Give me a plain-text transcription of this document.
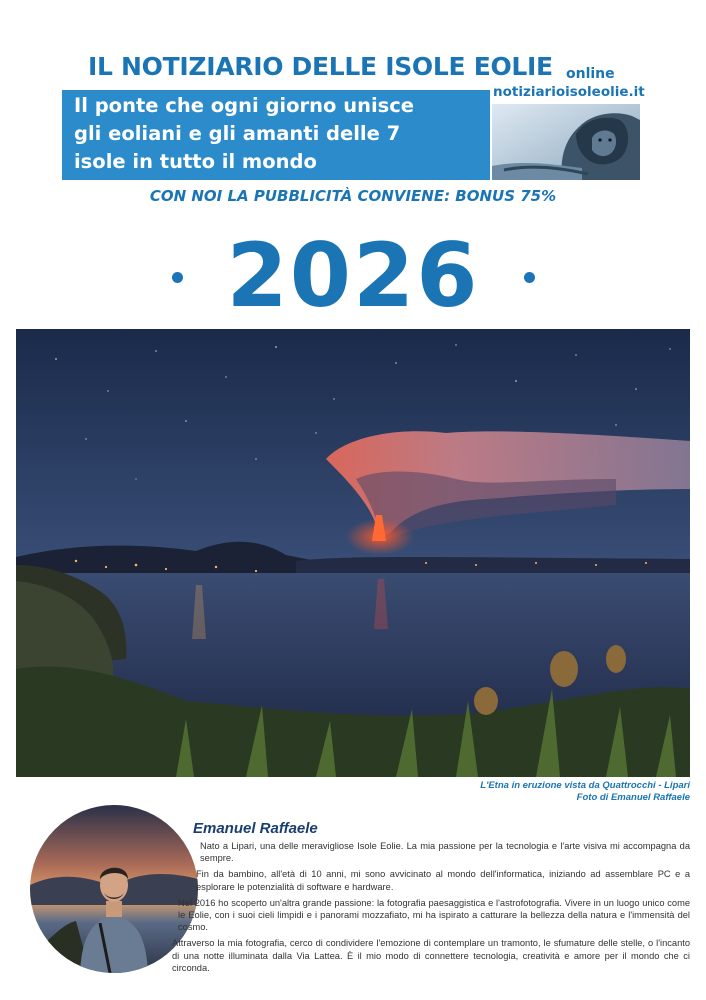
IL NOTIZIARIO DELLE ISOLE EOLIE online
notiziarioisoleolie.it
Il ponte che ogni giorno unisce
gli eoliani e gli amanti delle 7
isole in tutto il mondo
CON NOI LA PUBBLICITÀ CONVIENE: BONUS 75%
2026
L'Etna in eruzione vista da Quattrocchi - Lipari
Foto di Emanuel Raffaele
Emanuel Raffaele

Nato a Lipari, una delle meravigliose Isole Eolie. La mia passione per la tecnologia e l'arte visiva mi accompagna da sempre.

Fin da bambino, all'età di 10 anni, mi sono avvicinato al mondo dell'informatica, iniziando ad assemblare PC e a esplorare le potenzialità di software e hardware.

Nel 2016 ho scoperto un'altra grande passione: la fotografia paesaggistica e l'astrofotografia. Vivere in un luogo unico come le Eolie, con i suoi cieli limpidi e i panorami mozzafiato, mi ha ispirato a catturare la bellezza della natura e l'immensità del cosmo.

Attraverso la mia fotografia, cerco di condividere l'emozione di contemplare un tramonto, le sfumature delle stelle, o l'incanto di una notte illuminata dalla Via Lattea. È il mio modo di connettere tecnologia, creatività e amore per il mondo che ci circonda.
